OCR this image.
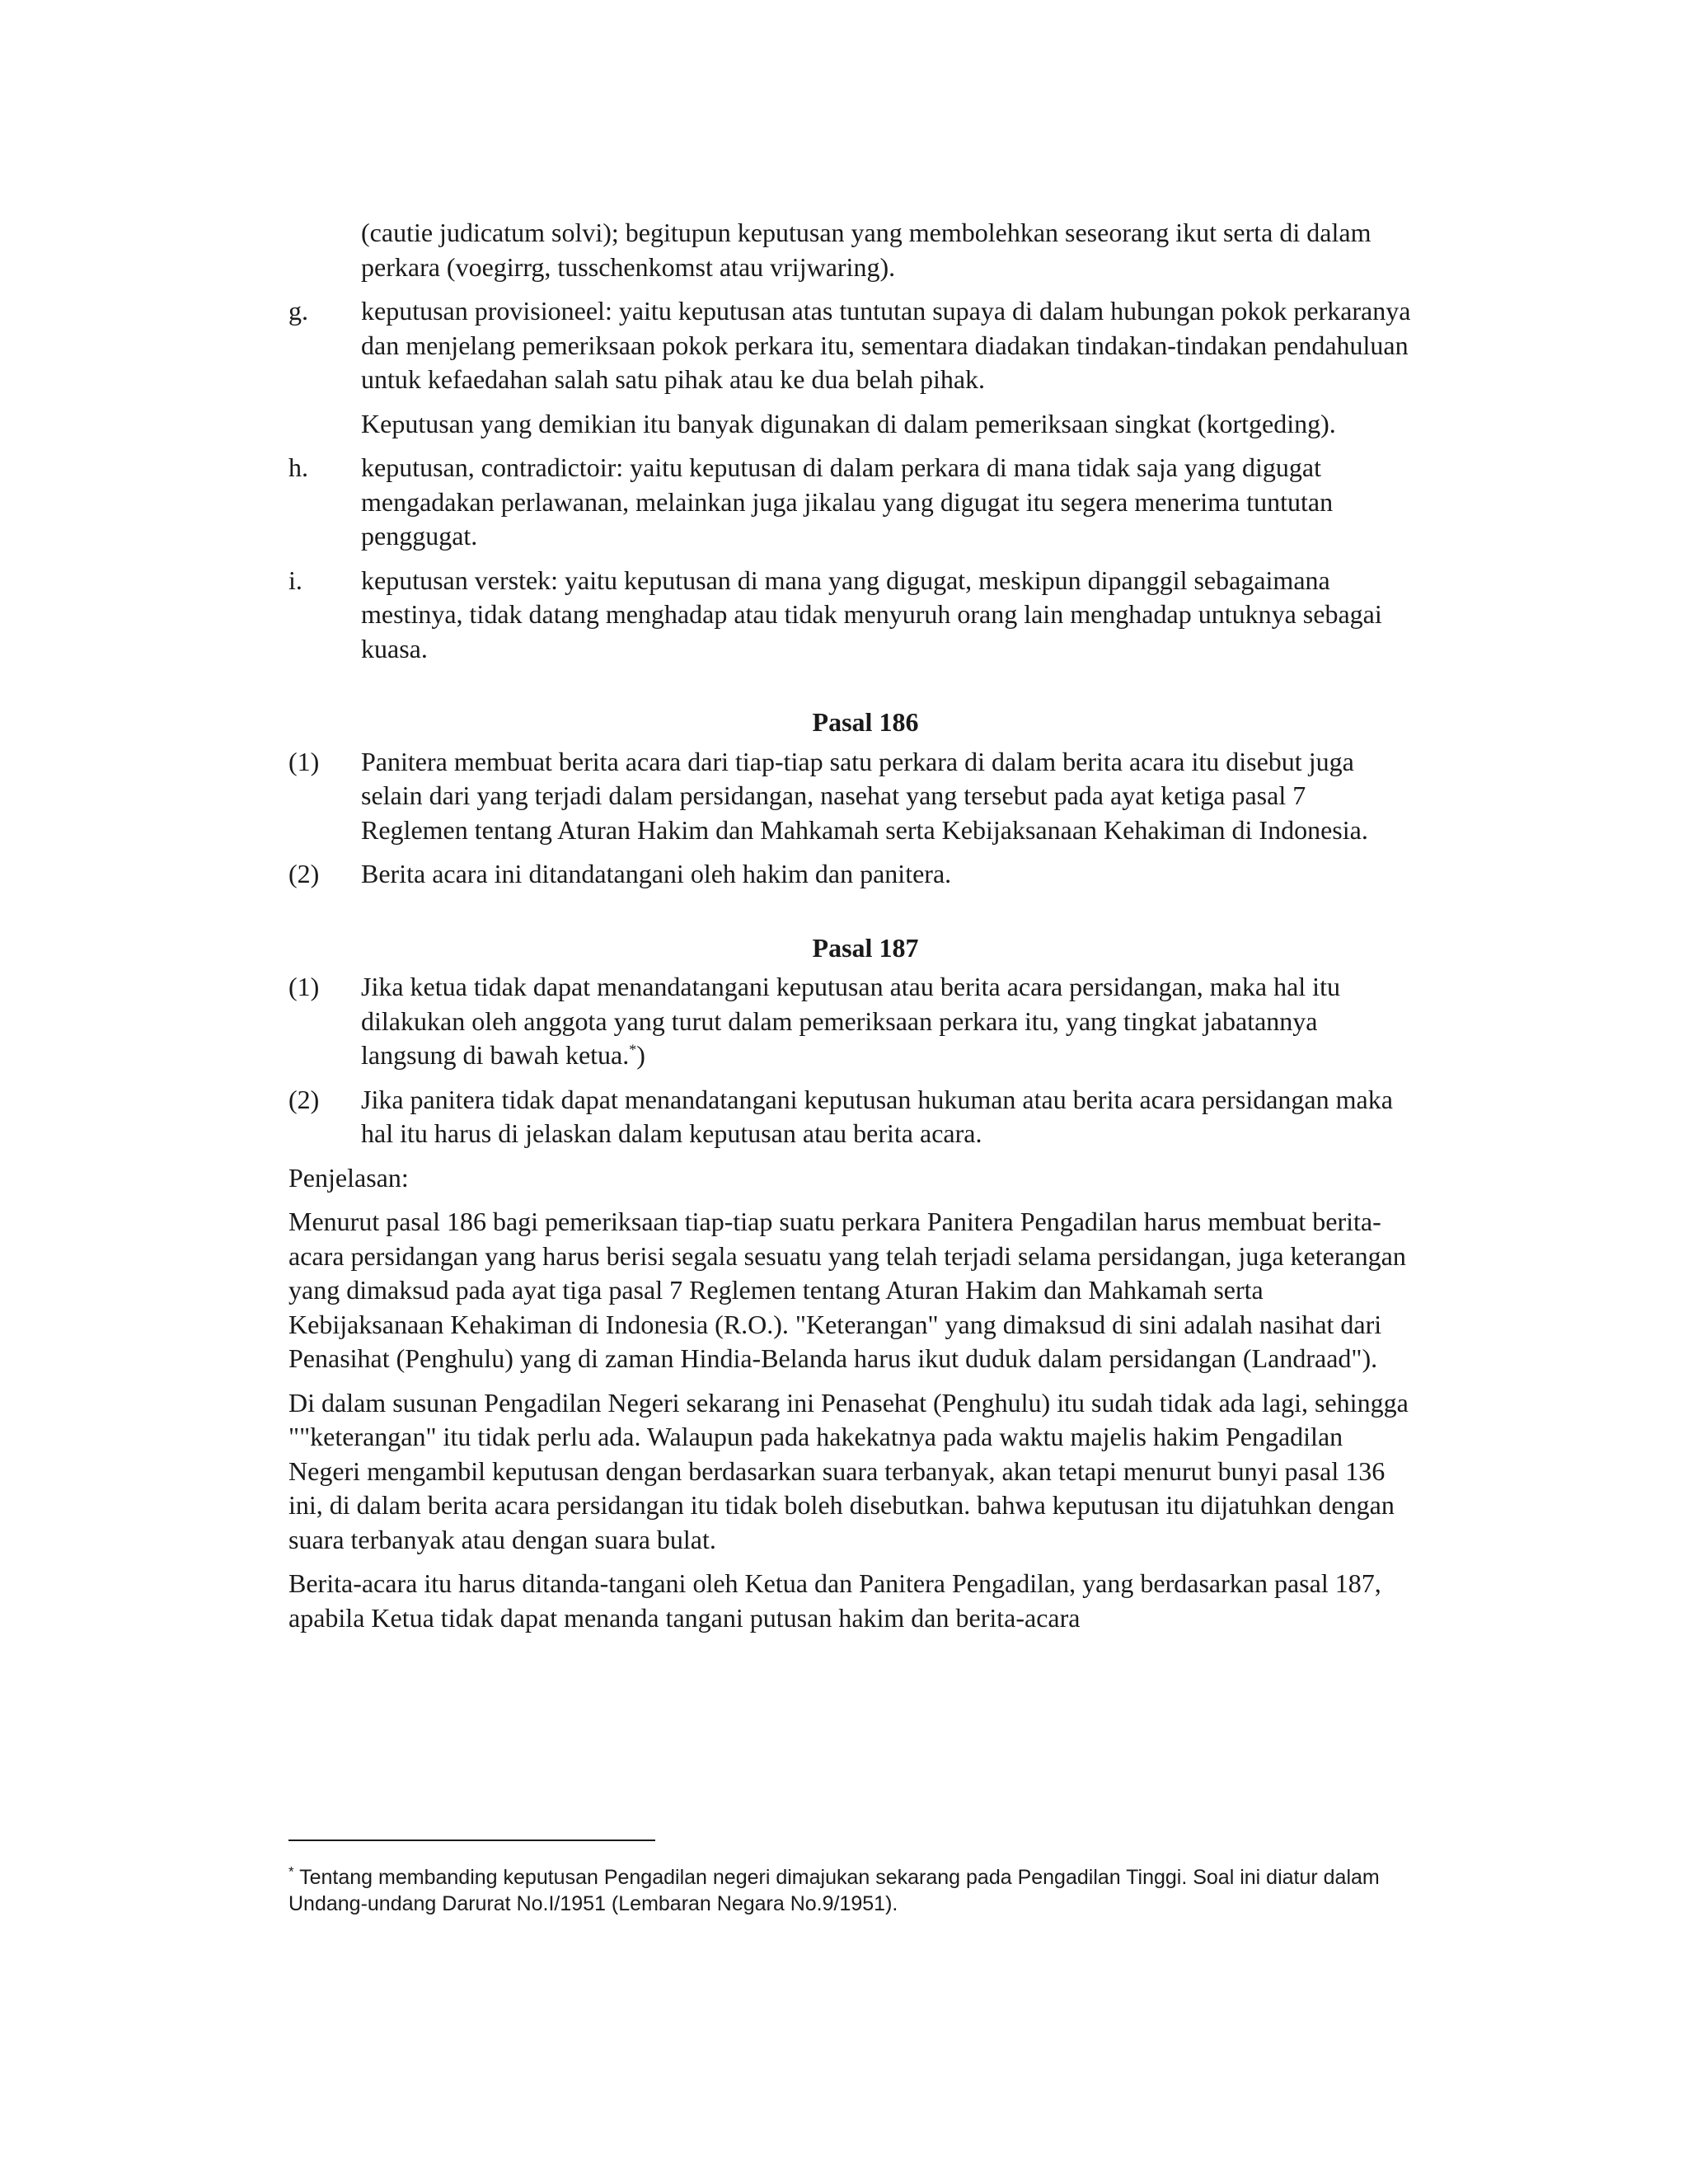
(cautie judicatum solvi); begitupun keputusan yang membolehkan seseorang ikut serta di dalam perkara (voegirrg, tusschenkomst atau vrijwaring).
g. keputusan provisioneel: yaitu keputusan atas tuntutan supaya di dalam hubungan pokok perkaranya dan menjelang pemeriksaan pokok perkara itu, sementara diadakan tindakan-tindakan pendahuluan untuk kefaedahan salah satu pihak atau ke dua belah pihak.
Keputusan yang demikian itu banyak digunakan di dalam pemeriksaan singkat (kortgeding).
h. keputusan, contradictoir: yaitu keputusan di dalam perkara di mana tidak saja yang digugat mengadakan perlawanan, melainkan juga jikalau yang digugat itu segera menerima tuntutan penggugat.
i. keputusan verstek: yaitu keputusan di mana yang digugat, meskipun dipanggil sebagaimana mestinya, tidak datang menghadap atau tidak menyuruh orang lain menghadap untuknya sebagai kuasa.
Pasal 186
(1) Panitera membuat berita acara dari tiap-tiap satu perkara di dalam berita acara itu disebut juga selain dari yang terjadi dalam persidangan, nasehat yang tersebut pada ayat ketiga pasal 7 Reglemen tentang Aturan Hakim dan Mahkamah serta Kebijaksanaan Kehakiman di Indonesia.
(2) Berita acara ini ditandatangani oleh hakim dan panitera.
Pasal 187
(1) Jika ketua tidak dapat menandatangani keputusan atau berita acara persidangan, maka hal itu dilakukan oleh anggota yang turut dalam pemeriksaan perkara itu, yang tingkat jabatannya langsung di bawah ketua.*)
(2) Jika panitera tidak dapat menandatangani keputusan hukuman atau berita acara persidangan maka hal itu harus di jelaskan dalam keputusan atau berita acara.
Penjelasan:
Menurut pasal 186 bagi pemeriksaan tiap-tiap suatu perkara Panitera Pengadilan harus membuat berita-acara persidangan yang harus berisi segala sesuatu yang telah terjadi selama persidangan, juga keterangan yang dimaksud pada ayat tiga pasal 7 Reglemen tentang Aturan Hakim dan Mahkamah serta Kebijaksanaan Kehakiman di Indonesia (R.O.). "Keterangan" yang dimaksud di sini adalah nasihat dari Penasihat (Penghulu) yang di zaman Hindia-Belanda harus ikut duduk dalam persidangan (Landraad").
Di dalam susunan Pengadilan Negeri sekarang ini Penasehat (Penghulu) itu sudah tidak ada lagi, sehingga ""keterangan" itu tidak perlu ada. Walaupun pada hakekatnya pada waktu majelis hakim Pengadilan Negeri mengambil keputusan dengan berdasarkan suara terbanyak, akan tetapi menurut bunyi pasal 136 ini, di dalam berita acara persidangan itu tidak boleh disebutkan. bahwa keputusan itu dijatuhkan dengan suara terbanyak atau dengan suara bulat.
Berita-acara itu harus ditanda-tangani oleh Ketua dan Panitera Pengadilan, yang berdasarkan pasal 187, apabila Ketua tidak dapat menanda tangani putusan hakim dan berita-acara
* Tentang membanding keputusan Pengadilan negeri dimajukan sekarang pada Pengadilan Tinggi. Soal ini diatur dalam Undang-undang Darurat No.I/1951 (Lembaran Negara No.9/1951).
